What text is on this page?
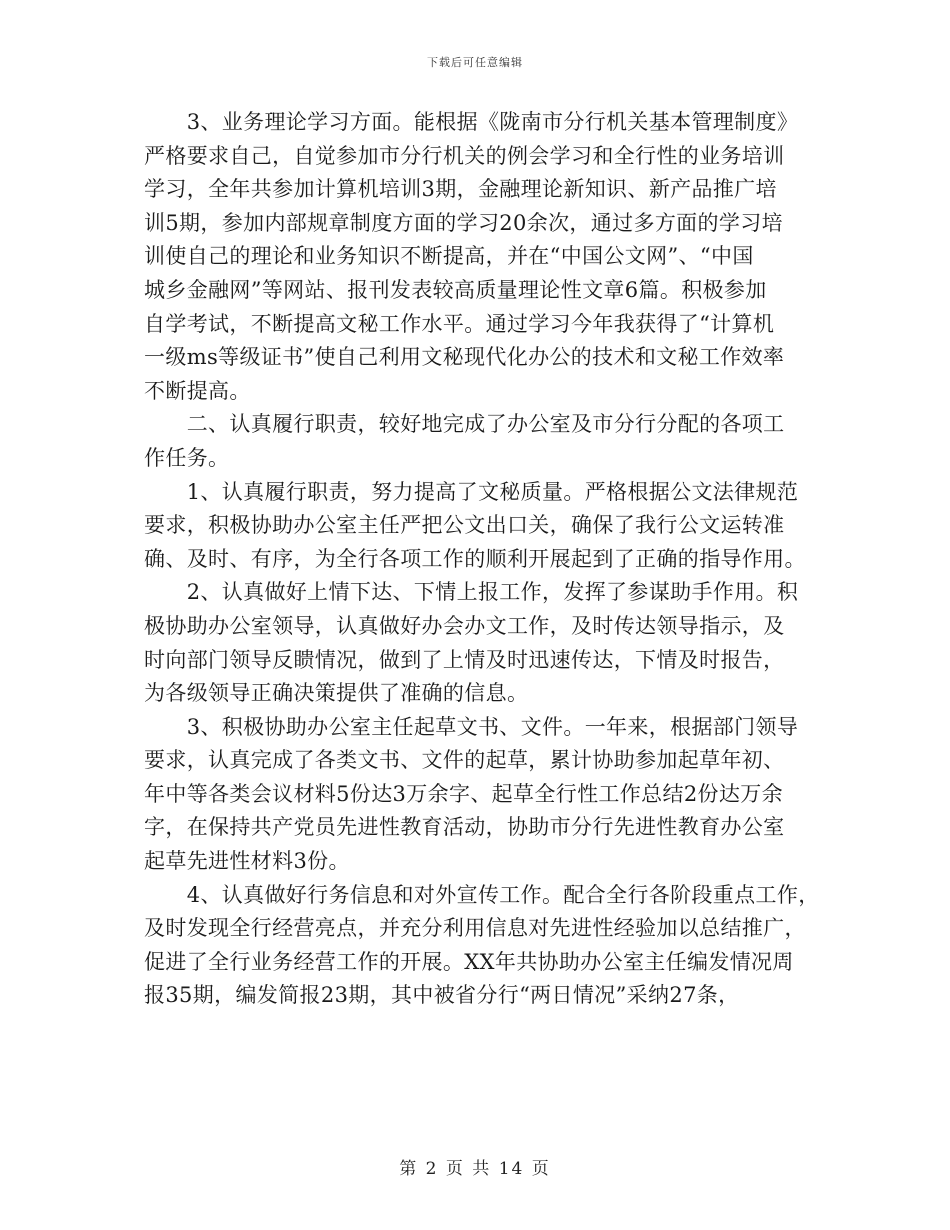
下载后可任意编辑

　　3、业务理论学习方面。能根据《陇南市分行机关基本管理制度》
严格要求自己，自觉参加市分行机关的例会学习和全行性的业务培训
学习，全年共参加计算机培训3期，金融理论新知识、新产品推广培
训5期，参加内部规章制度方面的学习20余次，通过多方面的学习培
训使自己的理论和业务知识不断提高，并在“中国公文网”、“中国
城乡金融网”等网站、报刊发表较高质量理论性文章6篇。积极参加
自学考试，不断提高文秘工作水平。通过学习今年我获得了“计算机
一级ms等级证书”使自己利用文秘现代化办公的技术和文秘工作效率
不断提高。

　　二、认真履行职责，较好地完成了办公室及市分行分配的各项工
作任务。

　　1、认真履行职责，努力提高了文秘质量。严格根据公文法律规范
要求，积极协助办公室主任严把公文出口关，确保了我行公文运转准
确、及时、有序，为全行各项工作的顺利开展起到了正确的指导作用。

　　2、认真做好上情下达、下情上报工作，发挥了参谋助手作用。积
极协助办公室领导，认真做好办会办文工作，及时传达领导指示，及
时向部门领导反瞆情况，做到了上情及时迅速传达，下情及时报告，
为各级领导正确决策提供了准确的信息。

　　3、积极协助办公室主任起草文书、文件。一年来，根据部门领导
要求，认真完成了各类文书、文件的起草，累计协助参加起草年初、
年中等各类会议材料5份达3万余字、起草全行性工作总结2份达万余
字，在保持共产党员先进性教育活动，协助市分行先进性教育办公室
起草先进性材料3份。

　　4、认真做好行务信息和对外宣传工作。配合全行各阶段重点工作，
及时发现全行经营亮点，并充分利用信息对先进性经验加以总结推广，
促进了全行业务经营工作的开展。XX年共协助办公室主任编发情况周
报35期，编发简报23期，其中被省分行“两日情况”采纳27条，

第 2 页 共 14 页
